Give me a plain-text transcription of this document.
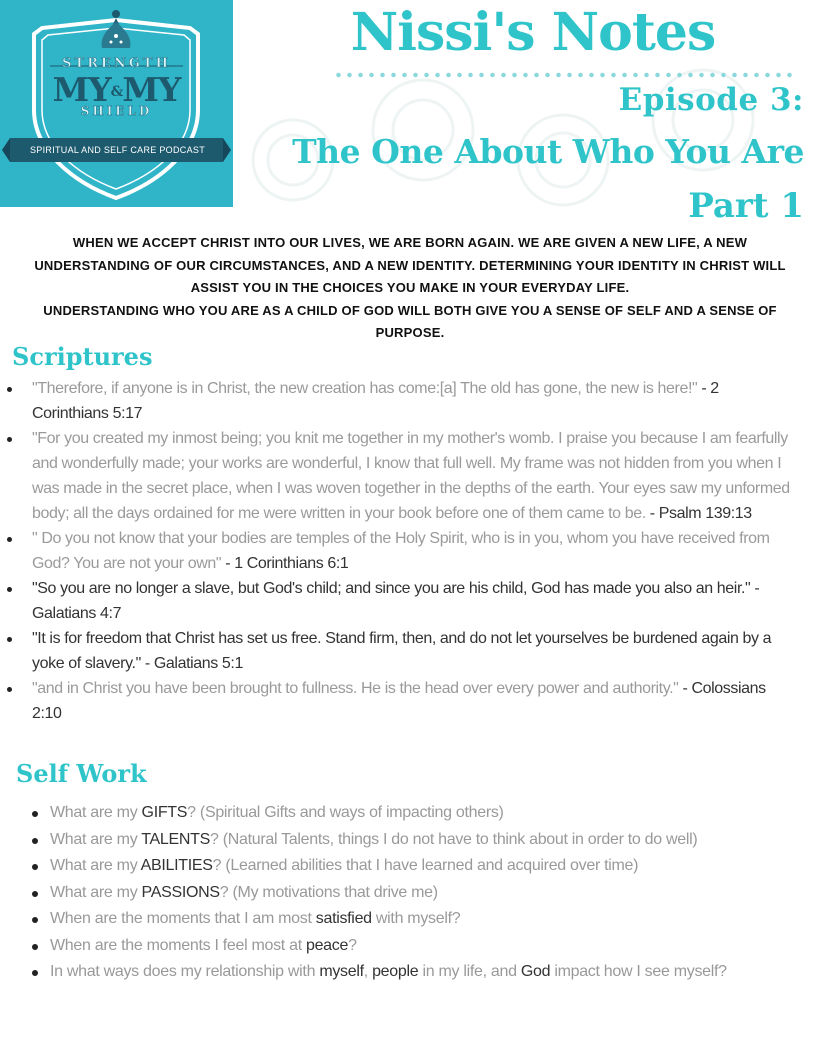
STRENGTH
MY&MY
SHIELD
SPIRITUAL AND SELF CARE PODCAST
Nissi's Notes
Episode 3:
The One About Who You Are
Part 1

WHEN WE ACCEPT CHRIST INTO OUR LIVES, WE ARE BORN AGAIN. WE ARE GIVEN A NEW LIFE, A NEW UNDERSTANDING OF OUR CIRCUMSTANCES, AND A NEW IDENTITY. DETERMINING YOUR IDENTITY IN CHRIST WILL ASSIST YOU IN THE CHOICES YOU MAKE IN YOUR EVERYDAY LIFE.

UNDERSTANDING WHO YOU ARE AS A CHILD OF GOD WILL BOTH GIVE YOU A SENSE OF SELF AND A SENSE OF PURPOSE.

Scriptures
"Therefore, if anyone is in Christ, the new creation has come:[a] The old has gone, the new is here!" - 2 Corinthians 5:17
"For you created my inmost being; you knit me together in my mother's womb. I praise you because I am fearfully and wonderfully made; your works are wonderful, I know that full well. My frame was not hidden from you when I was made in the secret place, when I was woven together in the depths of the earth. Your eyes saw my unformed body; all the days ordained for me were written in your book before one of them came to be. - Psalm 139:13
" Do you not know that your bodies are temples of the Holy Spirit, who is in you, whom you have received from God? You are not your own" - 1 Corinthians 6:1
"So you are no longer a slave, but God's child; and since you are his child, God has made you also an heir." - Galatians 4:7
"It is for freedom that Christ has set us free. Stand firm, then, and do not let yourselves be burdened again by a yoke of slavery." - Galatians 5:1
"and in Christ you have been brought to fullness. He is the head over every power and authority." - Colossians 2:10
Self Work
What are my GIFTS? (Spiritual Gifts and ways of impacting others)
What are my TALENTS? (Natural Talents, things I do not have to think about in order to do well)
What are my ABILITIES? (Learned abilities that I have learned and acquired over time)
What are my PASSIONS? (My motivations that drive me)
When are the moments that I am most satisfied with myself?
When are the moments I feel most at peace?
In what ways does my relationship with myself, people in my life, and God impact how I see myself?
